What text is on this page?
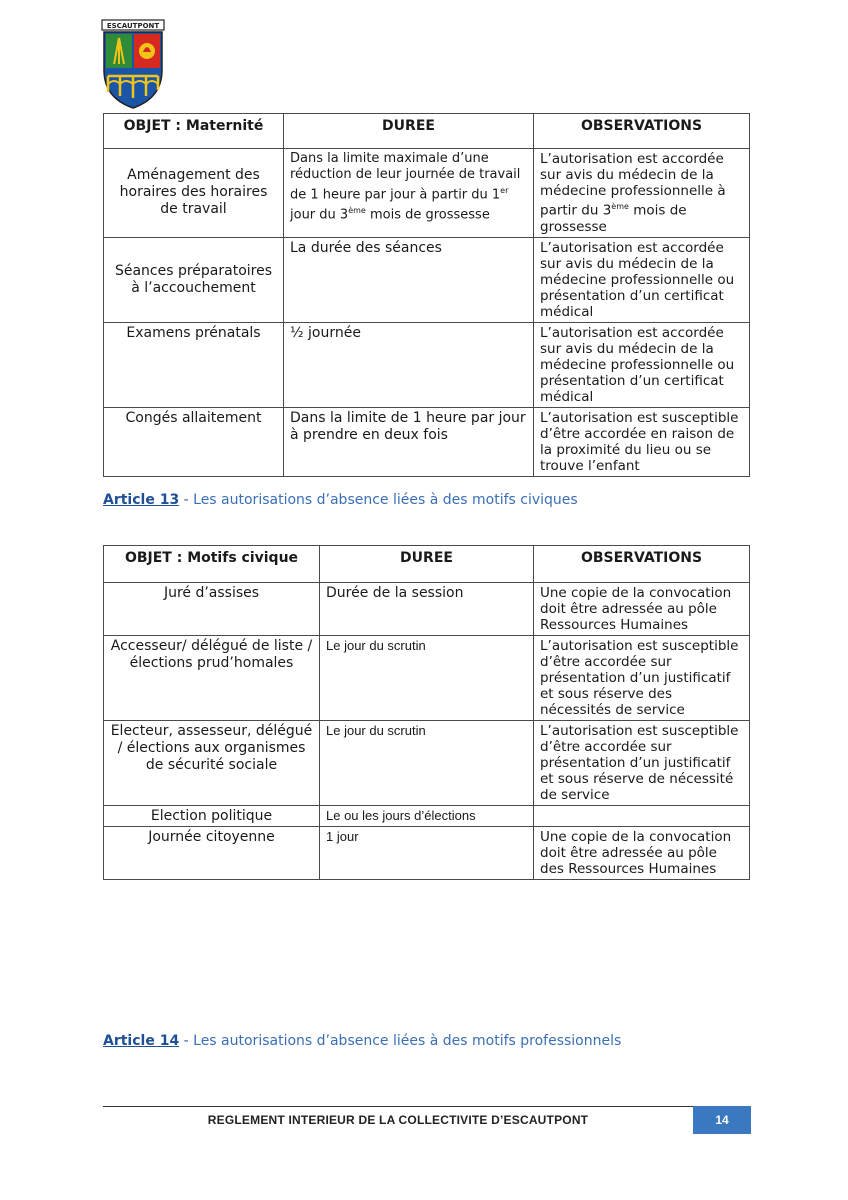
ESCAUTPONT
OBJET : Maternité	DUREE	OBSERVATIONS
Aménagement des horaires des horaires de travail	Dans la limite maximale d’une réduction de leur journée de travail de 1 heure par jour à partir du 1er jour du 3ème mois de grossesse	L’autorisation est accordée sur avis du médecin de la médecine professionnelle à partir du 3ème mois de grossesse
Séances préparatoires à l’accouchement	La durée des séances	L’autorisation est accordée sur avis du médecin de la médecine professionnelle ou présentation d’un certificat médical
Examens prénatals	½ journée	L’autorisation est accordée sur avis du médecin de la médecine professionnelle ou présentation d’un certificat médical
Congés allaitement	Dans la limite de 1 heure par jour à prendre en deux fois	L’autorisation est susceptible d’être accordée en raison de la proximité du lieu ou se trouve l’enfant
Article 13 - Les autorisations d’absence liées à des motifs civiques
OBJET : Motifs civique	DUREE	OBSERVATIONS
Juré d’assises	Durée de la session	Une copie de la convocation doit être adressée au pôle Ressources Humaines
Accesseur/ délégué de liste / élections prud’homales	Le jour du scrutin	L’autorisation est susceptible d’être accordée sur présentation d’un justificatif et sous réserve des nécessités de service
Electeur, assesseur, délégué / élections aux organismes de sécurité sociale	Le jour du scrutin	L’autorisation est susceptible d’être accordée sur présentation d’un justificatif et sous réserve de nécessité de service
Election politique	Le ou les jours d’élections	
Journée citoyenne	1 jour	Une copie de la convocation doit être adressée au pôle des Ressources Humaines
Article 14 - Les autorisations d’absence liées à des motifs professionnels
REGLEMENT INTERIEUR DE LA COLLECTIVITE D’ESCAUTPONT	14
